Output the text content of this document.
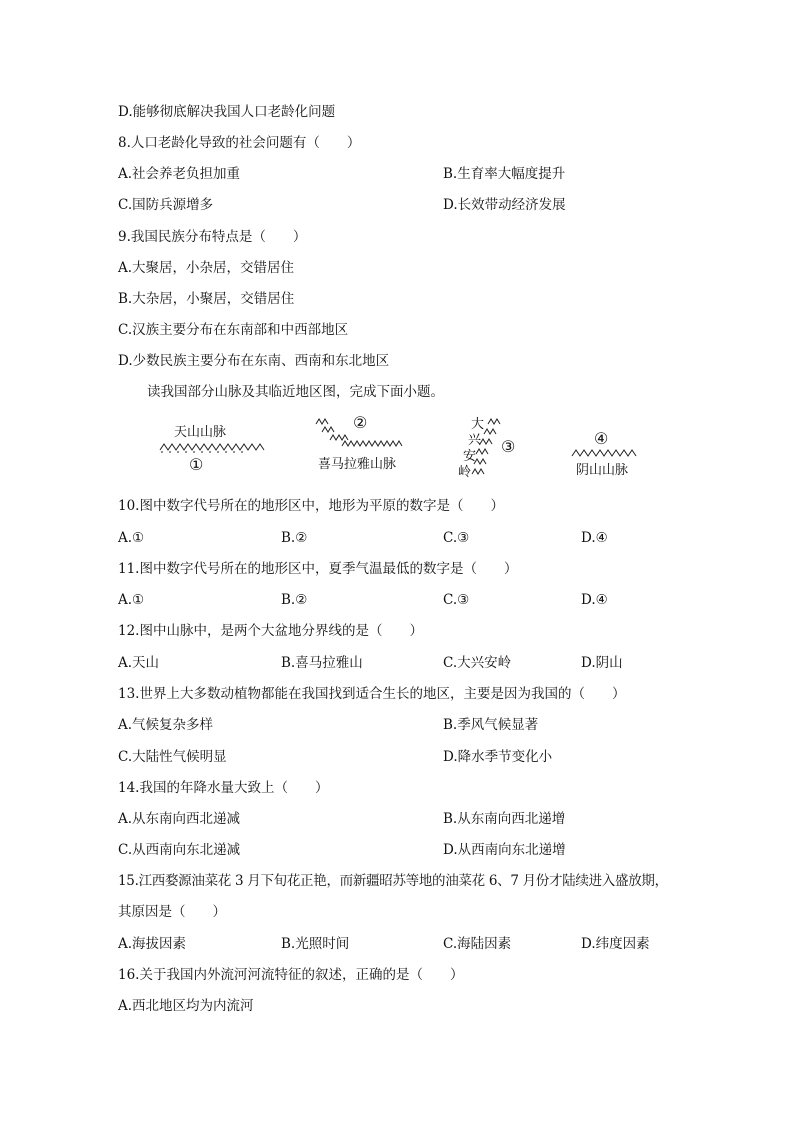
D.能够彻底解决我国人口老龄化问题
8.人口老龄化导致的社会问题有（　　）
A.社会养老负担加重	B.生育率大幅度提升
C.国防兵源增多	D.长效带动经济发展
9.我国民族分布特点是（　　）
A.大聚居，小杂居，交错居住
B.大杂居，小聚居，交错居住
C.汉族主要分布在东南部和中西部地区
D.少数民族主要分布在东南、西南和东北地区
读我国部分山脉及其临近地区图，完成下面小题。
天山山脉
①
②
喜马拉雅山脉
大
兴
安
岭
③	④
阴山山脉
10.图中数字代号所在的地形区中，地形为平原的数字是（　　）
A.①	B.②	C.③	D.④
11.图中数字代号所在的地形区中，夏季气温最低的数字是（　　）
A.①	B.②	C.③	D.④
12.图中山脉中，是两个大盆地分界线的是（　　）
A.天山	B.喜马拉雅山	C.大兴安岭	D.阴山
13.世界上大多数动植物都能在我国找到适合生长的地区，主要是因为我国的（　　）
A.气候复杂多样	B.季风气候显著
C.大陆性气候明显	D.降水季节变化小
14.我国的年降水量大致上（　　）
A.从东南向西北递减	B.从东南向西北递增
C.从西南向东北递减	D.从西南向东北递增
15.江西婺源油菜花 3 月下旬花正艳，而新疆昭苏等地的油菜花 6、7 月份才陆续进入盛放期，
其原因是（　　）
A.海拔因素	B.光照时间	C.海陆因素	D.纬度因素
16.关于我国内外流河河流特征的叙述，正确的是（　　）
A.西北地区均为内流河
